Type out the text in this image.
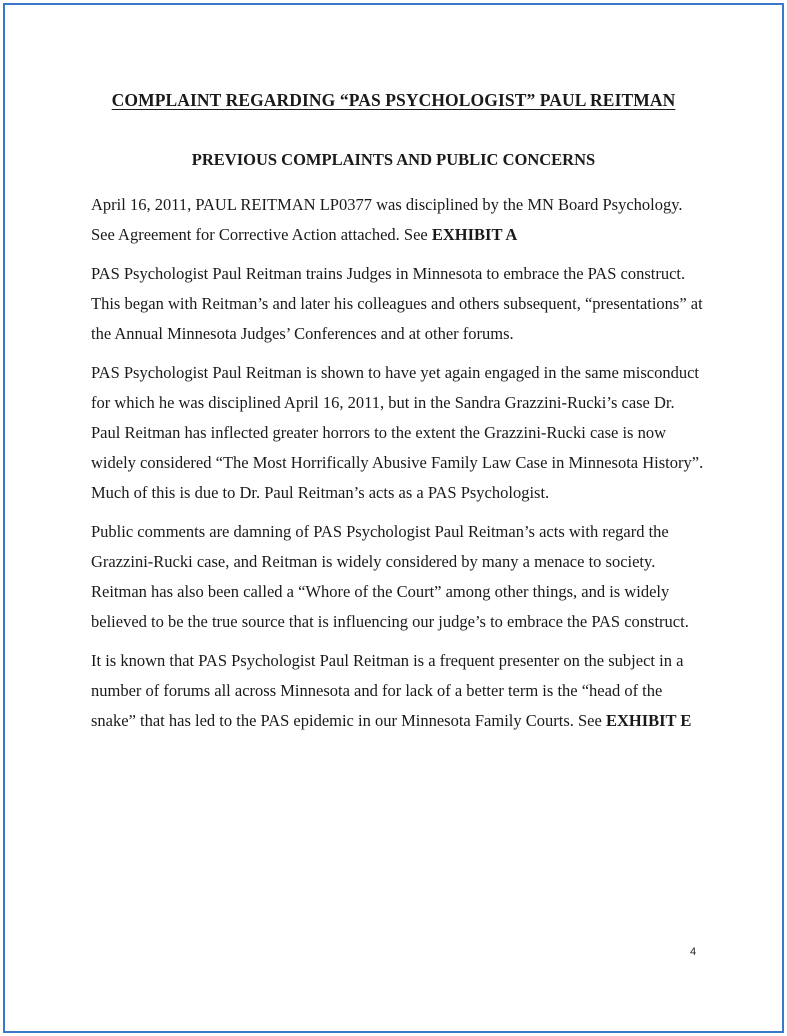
COMPLAINT REGARDING “PAS PSYCHOLOGIST” PAUL REITMAN
PREVIOUS COMPLAINTS AND PUBLIC CONCERNS

April 16, 2011, PAUL REITMAN LP0377 was disciplined by the MN Board Psychology. See Agreement for Corrective Action attached. See EXHIBIT A

PAS Psychologist Paul Reitman trains Judges in Minnesota to embrace the PAS construct. This began with Reitman’s and later his colleagues and others subsequent, “presentations” at the Annual Minnesota Judges’ Conferences and at other forums.

PAS Psychologist Paul Reitman is shown to have yet again engaged in the same misconduct for which he was disciplined April 16, 2011, but in the Sandra Grazzini-Rucki’s case Dr. Paul Reitman has inflected greater horrors to the extent the Grazzini-Rucki case is now widely considered “The Most Horrifically Abusive Family Law Case in Minnesota History”. Much of this is due to Dr. Paul Reitman’s acts as a PAS Psychologist.

Public comments are damning of PAS Psychologist Paul Reitman’s acts with regard the Grazzini-Rucki case, and Reitman is widely considered by many a menace to society. Reitman has also been called a “Whore of the Court” among other things, and is widely believed to be the true source that is influencing our judge’s to embrace the PAS construct.

It is known that PAS Psychologist Paul Reitman is a frequent presenter on the subject in a number of forums all across Minnesota and for lack of a better term is the “head of the snake” that has led to the PAS epidemic in our Minnesota Family Courts. See EXHIBIT E

4
